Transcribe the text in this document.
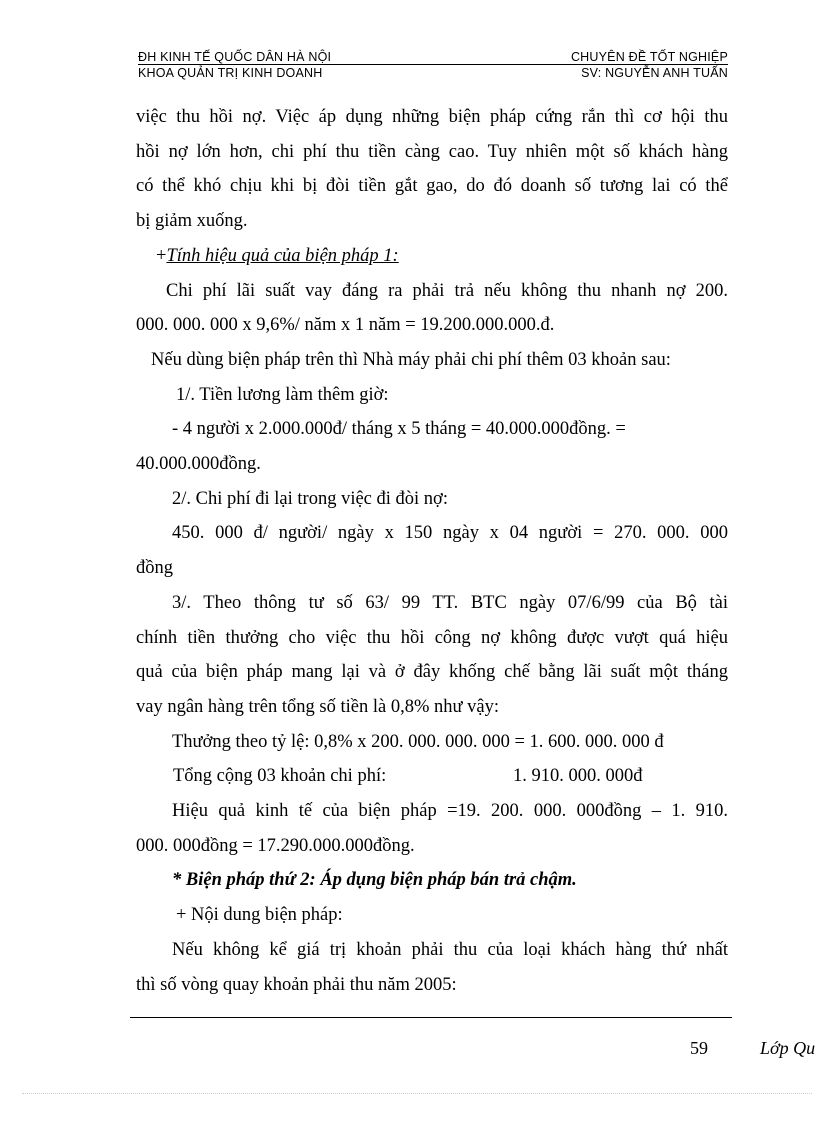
ĐH KINH TẾ QUỐC DÂN HÀ NỘI	CHUYÊN ĐỀ TỐT NGHIỆP
KHOA QUẢN TRỊ KINH DOANH	SV: NGUYỄN ANH TUẤN

việc thu hồi nợ. Việc áp dụng những biện pháp cứng rắn thì cơ hội thu

hồi nợ lớn hơn, chi phí thu tiền càng cao. Tuy nhiên một số khách hàng

có thể khó chịu khi bị đòi tiền gắt gao, do đó doanh số tương lai có thể

bị giảm xuống.

+Tính hiệu quả của biện pháp 1:

Chi phí lãi suất vay đáng ra phải trả nếu không thu nhanh nợ 200.

000. 000. 000 x 9,6%/ năm x 1 năm = 19.200.000.000.đ.

Nếu dùng biện pháp trên thì Nhà máy phải chi phí thêm 03 khoản sau:

1/. Tiền lương làm thêm giờ:

- 4 người x 2.000.000đ/ tháng x 5 tháng = 40.000.000đồng. =

40.000.000đồng.

2/. Chi phí đi lại trong việc đi đòi nợ:

450. 000 đ/ người/ ngày x 150 ngày x 04 người = 270. 000. 000

đồng

3/. Theo thông tư số 63/ 99 TT. BTC ngày 07/6/99 của Bộ tài

chính tiền thưởng cho việc thu hồi công nợ không được vượt quá hiệu

quả của biện pháp mang lại và ở đây khống chế bằng lãi suất một tháng

vay ngân hàng trên tổng số tiền là 0,8% như vậy:

Thưởng theo tỷ lệ: 0,8% x 200. 000. 000. 000 = 1. 600. 000. 000 đ

Tổng cộng 03 khoản chi phí:	1. 910. 000. 000đ

Hiệu quả kinh tế của biện pháp =19. 200. 000. 000đồng – 1. 910.

000. 000đồng = 17.290.000.000đồng.

* Biện pháp thứ 2: Áp dụng biện pháp bán trả chậm.

+ Nội dung biện pháp:

Nếu không kể giá trị khoản phải thu của loại khách hàng thứ nhất

thì số vòng quay khoản phải thu năm 2005:

59	Lớp Qu
